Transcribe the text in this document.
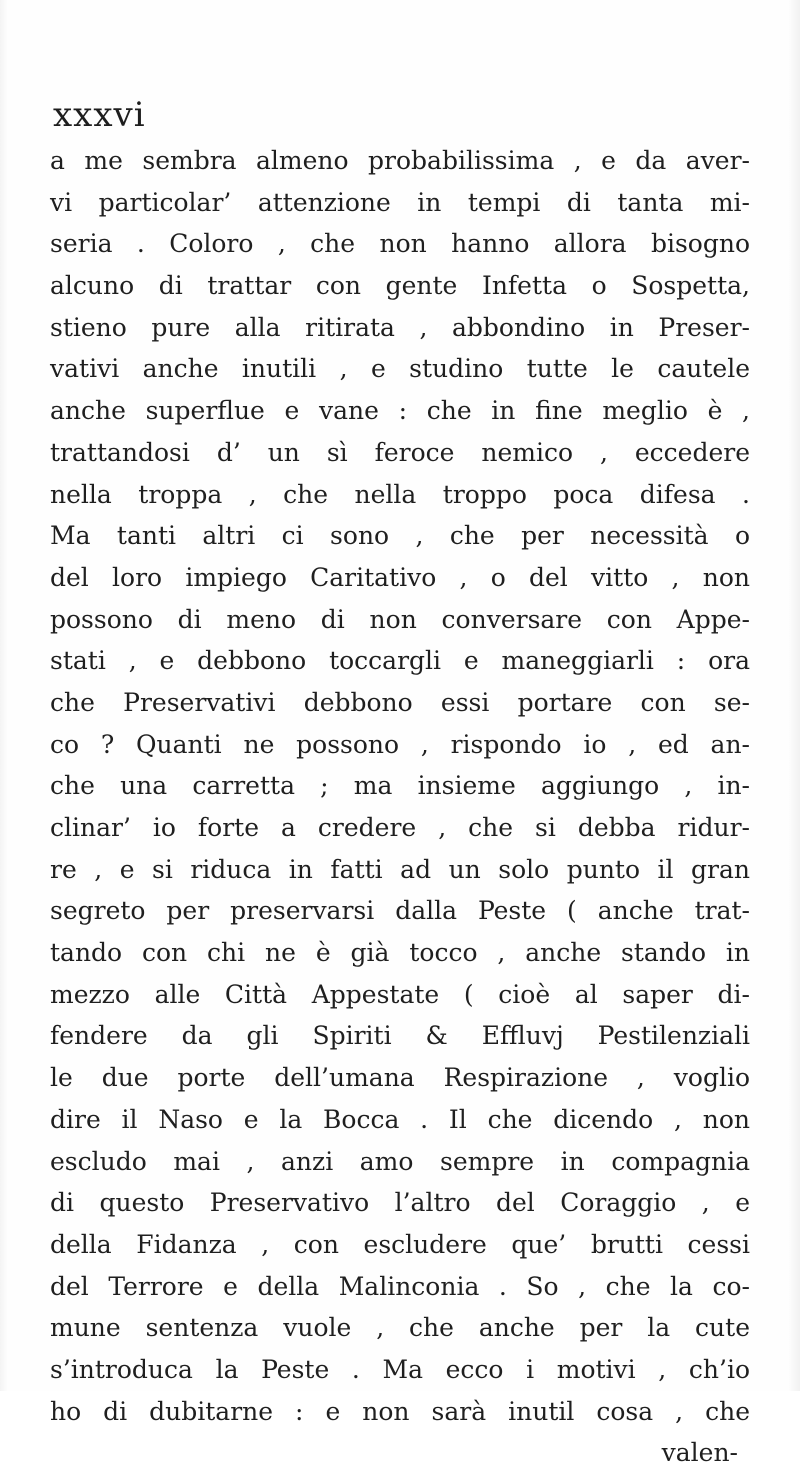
xxxvi
a me sembra almeno probabilissima , e da aver-
vi particolar’ attenzione in tempi di tanta mi-
seria . Coloro , che non hanno allora bisogno
alcuno di trattar con gente Infetta o Sospetta,
stieno pure alla ritirata , abbondino in Preser-
vativi anche inutili , e studino tutte le cautele
anche superflue e vane : che in fine meglio è ,
trattandosi d’ un sì feroce nemico , eccedere
nella troppa , che nella troppo poca difesa .
Ma tanti altri ci sono , che per necessità o
del loro impiego Caritativo , o del vitto , non
possono di meno di non conversare con Appe-
stati , e debbono toccargli e maneggiarli : ora
che Preservativi debbono essi portare con se-
co ? Quanti ne possono , rispondo io , ed an-
che una carretta ; ma insieme aggiungo , in-
clinar’ io forte a credere , che si debba ridur-
re , e si riduca in fatti ad un solo punto il gran
segreto per preservarsi dalla Peste ( anche trat-
tando con chi ne è già tocco , anche stando in
mezzo alle Città Appestate ( cioè al saper di-
fendere da gli Spiriti & Effluvj Pestilenziali
le due porte dell’umana Respirazione , voglio
dire il Naso e la Bocca . Il che dicendo , non
escludo mai , anzi amo sempre in compagnia
di questo Preservativo l’altro del Coraggio , e
della Fidanza , con escludere que’ brutti cessi
del Terrore e della Malinconia . So , che la co-
mune sentenza vuole , che anche per la cute
s’introduca la Peste . Ma ecco i motivi , ch’io
ho di dubitarne : e non sarà inutil cosa , che
valen-
